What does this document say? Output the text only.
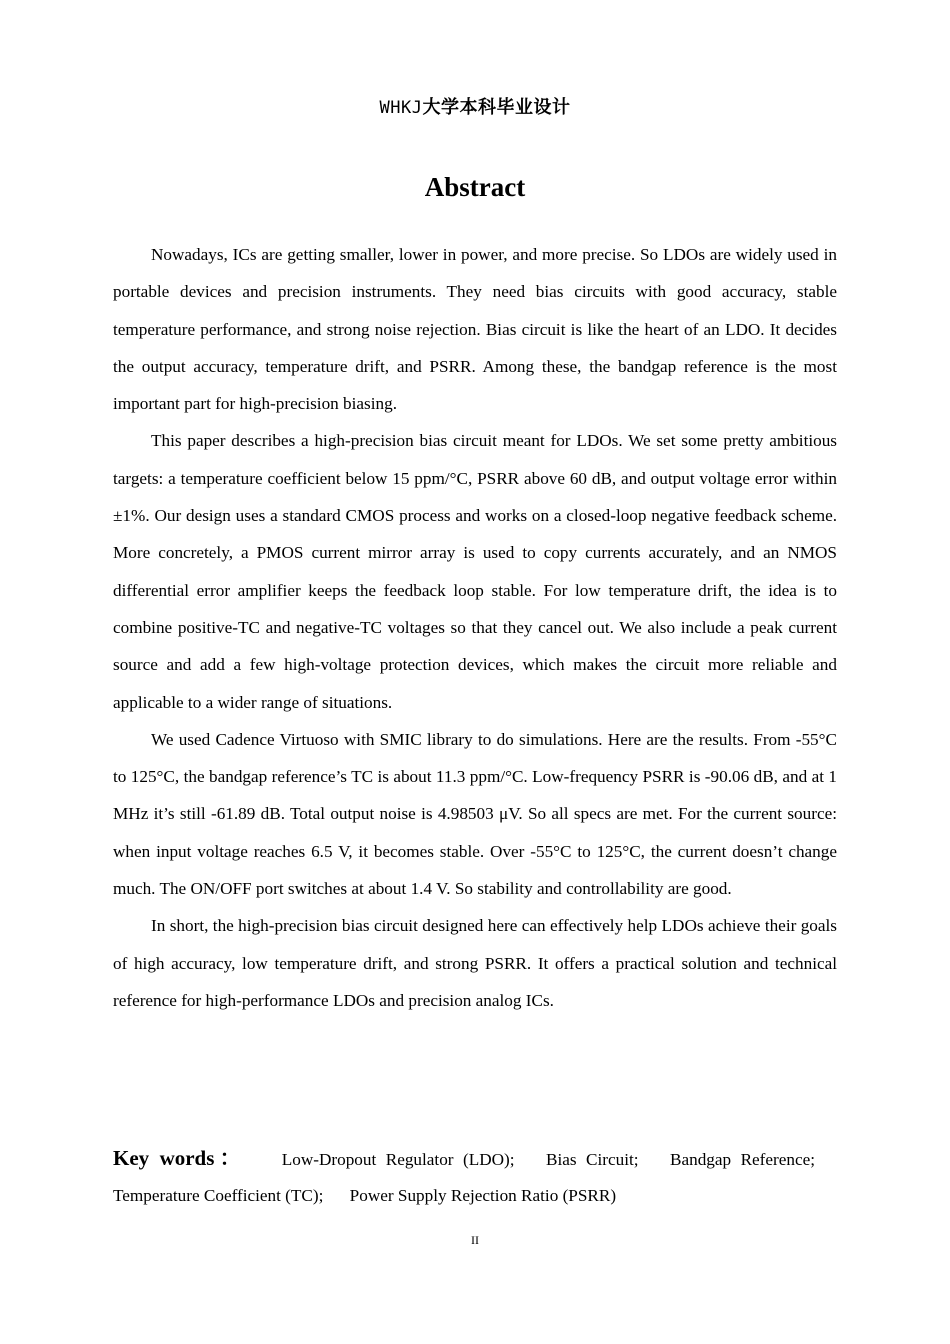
WHKJ大学本科毕业设计
Abstract

Nowadays, ICs are getting smaller, lower in power, and more precise. So LDOs are widely used in portable devices and precision instruments. They need bias circuits with good accuracy, stable temperature performance, and strong noise rejection. Bias circuit is like the heart of an LDO. It decides the output accuracy, temperature drift, and PSRR. Among these, the bandgap reference is the most important part for high-precision biasing.

This paper describes a high-precision bias circuit meant for LDOs. We set some pretty ambitious targets: a temperature coefficient below 15 ppm/°C, PSRR above 60 dB, and output voltage error within ±1%. Our design uses a standard CMOS process and works on a closed-loop negative feedback scheme. More concretely, a PMOS current mirror array is used to copy currents accurately, and an NMOS differential error amplifier keeps the feedback loop stable. For low temperature drift, the idea is to combine positive-TC and negative-TC voltages so that they cancel out. We also include a peak current source and add a few high-voltage protection devices, which makes the circuit more reliable and applicable to a wider range of situations.

We used Cadence Virtuoso with SMIC library to do simulations. Here are the results. From -55°C to 125°C, the bandgap reference’s TC is about 11.3 ppm/°C. Low-frequency PSRR is -90.06 dB, and at 1 MHz it’s still -61.89 dB. Total output noise is 4.98503 μV. So all specs are met. For the current source: when input voltage reaches 6.5 V, it becomes stable. Over -55°C to 125°C, the current doesn’t change much. The ON/OFF port switches at about 1.4 V. So stability and controllability are good.

In short, the high-precision bias circuit designed here can effectively help LDOs achieve their goals of high accuracy, low temperature drift, and strong PSRR. It offers a practical solution and technical reference for high-performance LDOs and precision analog ICs.

Key words： Low-Dropout Regulator (LDO); Bias Circuit; Bandgap Reference; Temperature Coefficient (TC); Power Supply Rejection Ratio (PSRR)
II
